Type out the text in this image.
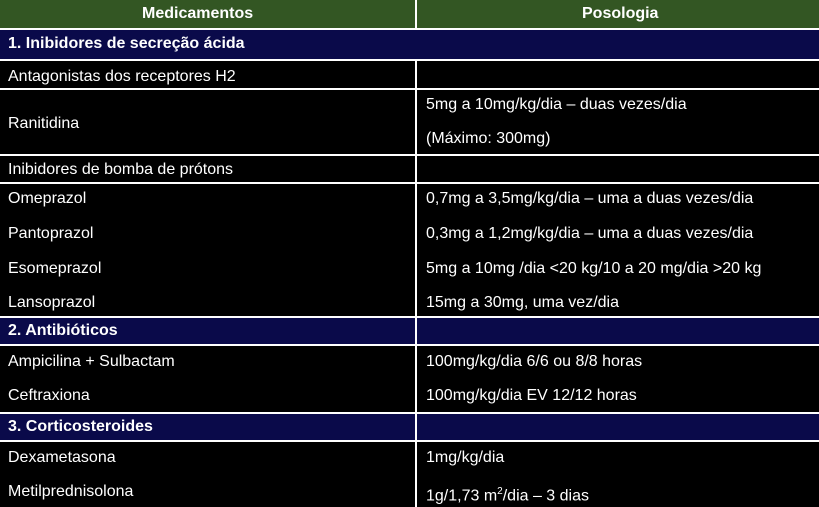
Medicamentos	Posologia
1. Inibidores de secreção ácida
Antagonistas dos receptores H2
Ranitidina
5mg a 10mg/kg/dia – duas vezes/dia
(Máximo: 300mg)
Inibidores de bomba de prótons
Omeprazol
Pantoprazol
Esomeprazol
Lansoprazol
0,7mg a 3,5mg/kg/dia – uma a duas vezes/dia
0,3mg a 1,2mg/kg/dia – uma a duas vezes/dia
5mg a 10mg /dia <20 kg/10 a 20 mg/dia >20 kg
15mg a 30mg, uma vez/dia
2. Antibióticos
Ampicilina + Sulbactam
Ceftraxiona
100mg/kg/dia 6/6 ou 8/8 horas
100mg/kg/dia EV 12/12 horas
3. Corticosteroides
Dexametasona
Metilprednisolona
1mg/kg/dia
1g/1,73 $m^2$/dia – 3 dias
